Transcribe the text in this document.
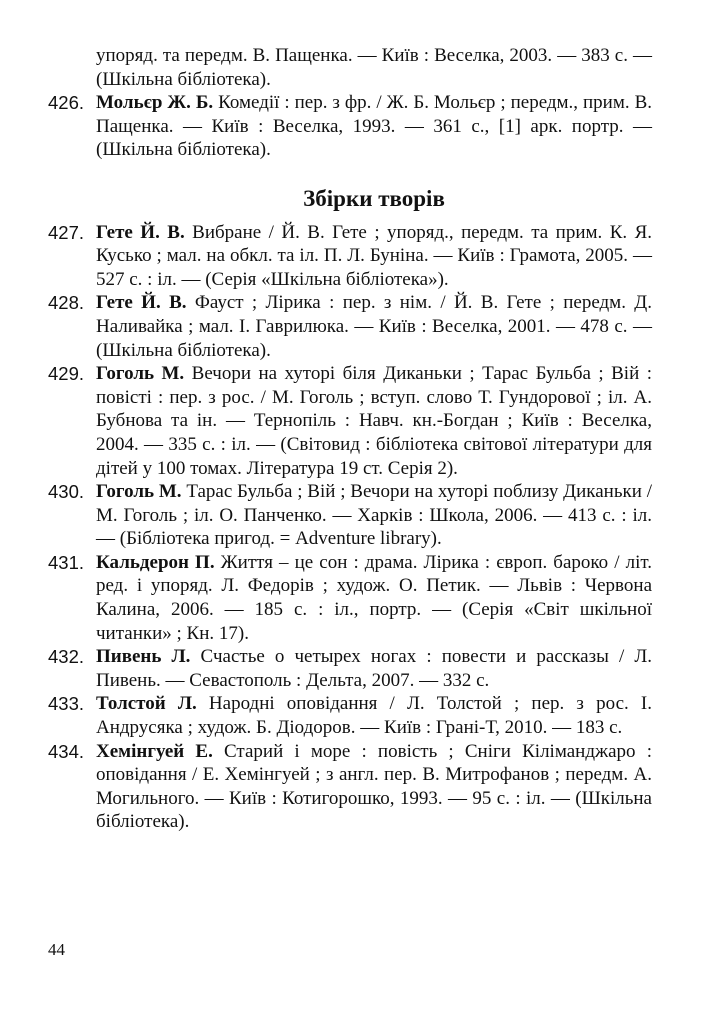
упоряд. та передм. В. Пащенка. — Київ : Веселка, 2003. — 383 с. — (Шкільна бібліотека).
426. Мольєр Ж. Б. Комедії : пер. з фр. / Ж. Б. Мольєр ; передм., прим. В. Пащенка. — Київ : Веселка, 1993. — 361 с., [1] арк. портр. — (Шкільна бібліотека).
Збірки творів
427. Гете Й. В. Вибране / Й. В. Гете ; упоряд., передм. та прим. К. Я. Кусько ; мал. на обкл. та іл. П. Л. Буніна. — Київ : Грамота, 2005. — 527 с. : іл. — (Серія «Шкільна бібліотека»).
428. Гете Й. В. Фауст ; Лірика : пер. з нім. / Й. В. Гете ; передм. Д. Наливайка ; мал. І. Гаврилюка. — Київ : Веселка, 2001. — 478 с. — (Шкільна бібліотека).
429. Гоголь М. Вечори на хуторі біля Диканьки ; Тарас Бульба ; Вій : повісті : пер. з рос. / М. Гоголь ; вступ. слово Т. Гундорової ; іл. А. Бубнова та ін. — Тернопіль : Навч. кн.-Богдан ; Київ : Веселка, 2004. — 335 с. : іл. — (Світовид : бібліотека світової літератури для дітей у 100 томах. Література 19 ст. Серія 2).
430. Гоголь М. Тарас Бульба ; Вій ; Вечори на хуторі поблизу Диканьки / М. Гоголь ; іл. О. Панченко. — Харків : Школа, 2006. — 413 с. : іл. — (Бібліотека пригод. = Adventure library).
431. Кальдерон П. Життя – це сон : драма. Лірика : європ. бароко / літ. ред. і упоряд. Л. Федорів ; худож. О. Петик. — Львів : Червона Калина, 2006. — 185 с. : іл., портр. — (Серія «Світ шкільної читанки» ; Кн. 17).
432. Пивень Л. Счастье о четырех ногах : повести и рассказы / Л. Пивень. — Севастополь : Дельта, 2007. — 332 с.
433. Толстой Л. Народні оповідання / Л. Толстой ; пер. з рос. І. Андрусяка ; худож. Б. Діодоров. — Київ : Грані-Т, 2010. — 183 с.
434. Хемінгуей Е. Старий і море : повість ; Сніги Кіліманджаро : оповідання / Е. Хемінгуей ; з англ. пер. В. Митрофанов ; передм. А. Могильного. — Київ : Котигорошко, 1993. — 95 с. : іл. — (Шкільна бібліотека).
44
